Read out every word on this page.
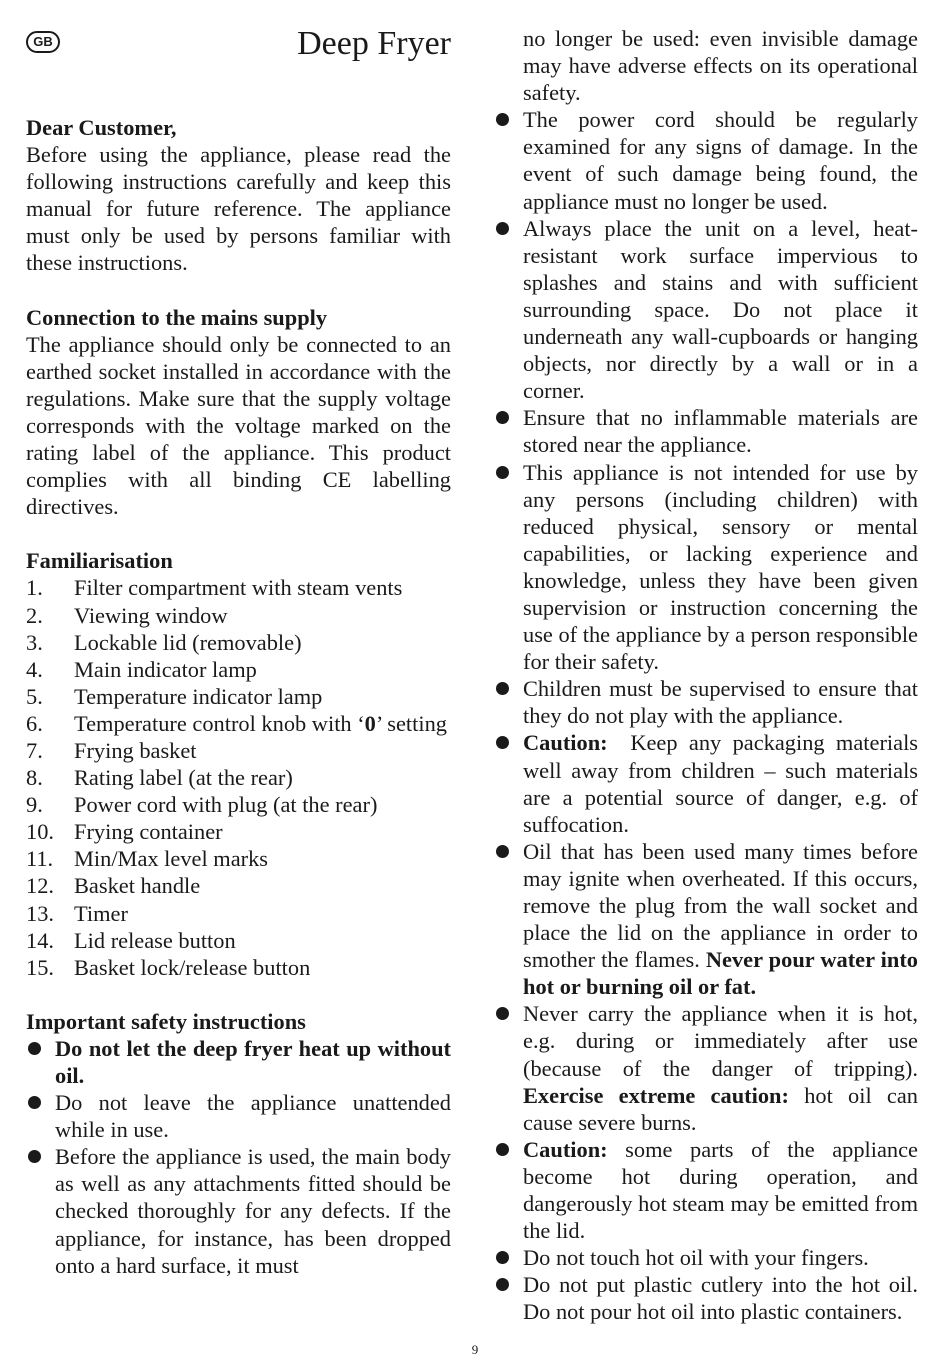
GB	Deep Fryer
Dear Customer,

Before using the appliance, please read the following instructions carefully and keep this manual for future reference. The appliance must only be used by persons familiar with these instructions.

Connection to the mains supply

The appliance should only be connected to an earthed socket installed in accordance with the regulations. Make sure that the supply voltage corresponds with the voltage marked on the rating label of the appliance. This product complies with all binding CE labelling directives.

Familiarisation
1.	Filter compartment with steam vents
2.	Viewing window
3.	Lockable lid (removable)
4.	Main indicator lamp
5.	Temperature indicator lamp
6.	Temperature control knob with ‘0’ setting
7.	Frying basket
8.	Rating label (at the rear)
9.	Power cord with plug (at the rear)
10. Frying container
11. Min/Max level marks
12. Basket handle
13. Timer
14. Lid release button
15. Basket lock/release button
Important safety instructions
Do not let the deep fryer heat up without oil.
Do not leave the appliance unattended while in use.
Before the appliance is used, the main body as well as any attachments fitted should be checked thoroughly for any defects. If the appliance, for instance, has been dropped onto a hard surface, it must

no longer be used: even invisible damage may have adverse effects on its operational safety.

The power cord should be regularly examined for any signs of damage. In the event of such damage being found, the appliance must no longer be used.
Always place the unit on a level, heat-resistant work surface impervious to splashes and stains and with sufficient surrounding space. Do not place it underneath any wall-cupboards or hanging objects, nor directly by a wall or in a corner.
Ensure that no inflammable materials are stored near the appliance.
This appliance is not intended for use by any persons (including children) with reduced physical, sensory or mental capabilities, or lacking experience and knowledge, unless they have been given supervision or instruction concerning the use of the appliance by a person responsible for their safety.
Children must be supervised to ensure that they do not play with the appliance.
Caution: Keep any packaging materials well away from children – such materials are a potential source of danger, e.g. of suffocation.
Oil that has been used many times before may ignite when overheated. If this occurs, remove the plug from the wall socket and place the lid on the appliance in order to smother the flames. Never pour water into hot or burning oil or fat.
Never carry the appliance when it is hot, e.g. during or immediately after use (because of the danger of tripping). Exercise extreme caution: hot oil can cause severe burns.
Caution: some parts of the appliance become hot during operation, and dangerously hot steam may be emitted from the lid.
Do not touch hot oil with your fingers.
Do not put plastic cutlery into the hot oil. Do not pour hot oil into plastic containers.
9
